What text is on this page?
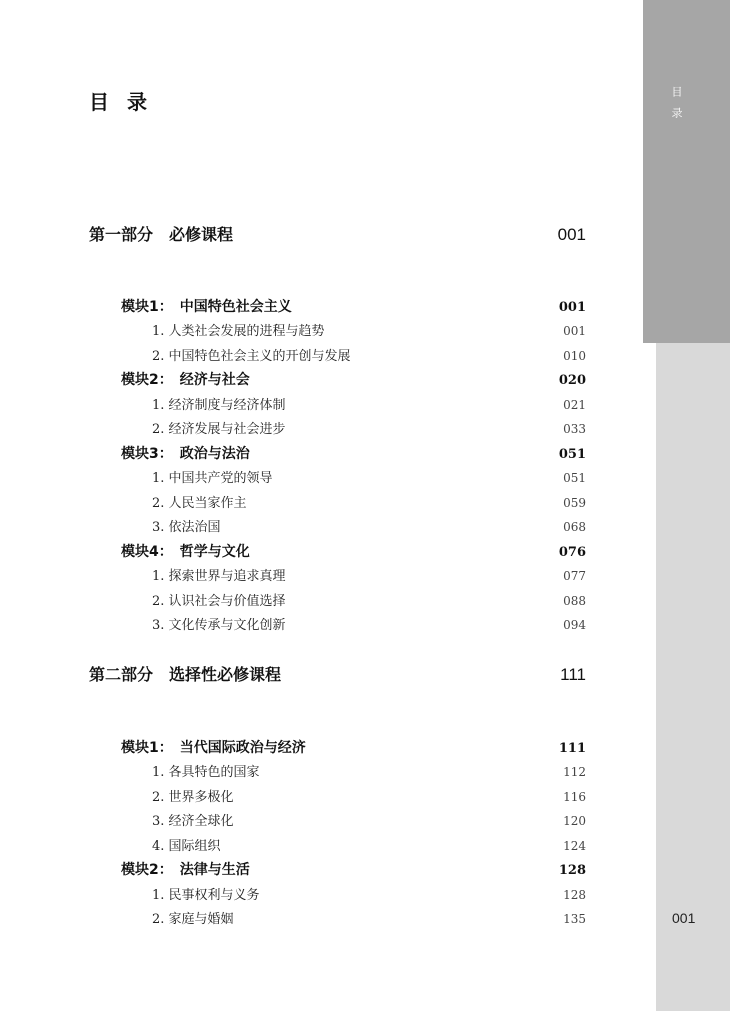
目录
001
目录
第一部分　必修课程	001
模块1： 中国特色社会主义	001
1. 人类社会发展的进程与趋势	001
2. 中国特色社会主义的开创与发展	010
模块2： 经济与社会	020
1. 经济制度与经济体制	021
2. 经济发展与社会进步	033
模块3： 政治与法治	051
1. 中国共产党的领导	051
2. 人民当家作主	059
3. 依法治国	068
模块4： 哲学与文化	076
1. 探索世界与追求真理	077
2. 认识社会与价值选择	088
3. 文化传承与文化创新	094
第二部分　选择性必修课程	111
模块1： 当代国际政治与经济	111
1. 各具特色的国家	112
2. 世界多极化	116
3. 经济全球化	120
4. 国际组织	124
模块2： 法律与生活	128
1. 民事权利与义务	128
2. 家庭与婚姻	135
